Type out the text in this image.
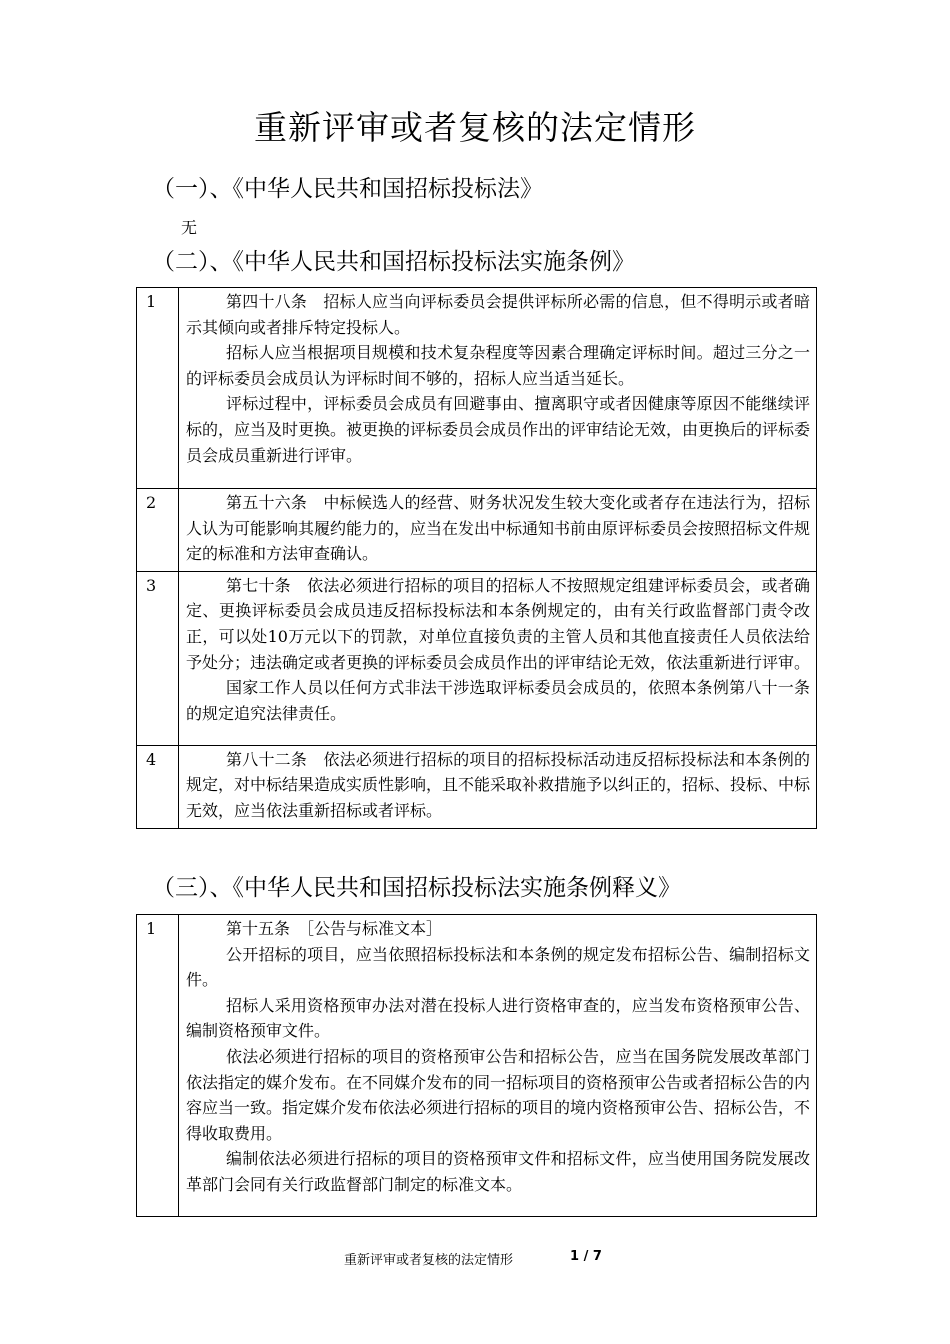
重新评审或者复核的法定情形
（一）、《中华人民共和国招标投标法》
无
（二）、《中华人民共和国招标投标法实施条例》
1	第四十八条　招标人应当向评标委员会提供评标所必需的信息，但不得明示或者暗示其倾向或者排斥特定投标人。

招标人应当根据项目规模和技术复杂程度等因素合理确定评标时间。超过三分之一的评标委员会成员认为评标时间不够的，招标人应当适当延长。

评标过程中，评标委员会成员有回避事由、擅离职守或者因健康等原因不能继续评标的，应当及时更换。被更换的评标委员会成员作出的评审结论无效，由更换后的评标委员会成员重新进行评审。

2	第五十六条　中标候选人的经营、财务状况发生较大变化或者存在违法行为，招标人认为可能影响其履约能力的，应当在发出中标通知书前由原评标委员会按照招标文件规定的标准和方法审查确认。

3	第七十条　依法必须进行招标的项目的招标人不按照规定组建评标委员会，或者确定、更换评标委员会成员违反招标投标法和本条例规定的，由有关行政监督部门责令改正，可以处10万元以下的罚款，对单位直接负责的主管人员和其他直接责任人员依法给予处分；违法确定或者更换的评标委员会成员作出的评审结论无效，依法重新进行评审。

国家工作人员以任何方式非法干涉选取评标委员会成员的，依照本条例第八十一条的规定追究法律责任。

4	第八十二条　依法必须进行招标的项目的招标投标活动违反招标投标法和本条例的规定，对中标结果造成实质性影响，且不能采取补救措施予以纠正的，招标、投标、中标无效，应当依法重新招标或者评标。

（三）、《中华人民共和国招标投标法实施条例释义》
1	第十五条　［公告与标准文本］

公开招标的项目，应当依照招标投标法和本条例的规定发布招标公告、编制招标文件。

招标人采用资格预审办法对潜在投标人进行资格审查的，应当发布资格预审公告、编制资格预审文件。

依法必须进行招标的项目的资格预审公告和招标公告，应当在国务院发展改革部门依法指定的媒介发布。在不同媒介发布的同一招标项目的资格预审公告或者招标公告的内容应当一致。指定媒介发布依法必须进行招标的项目的境内资格预审公告、招标公告，不得收取费用。

编制依法必须进行招标的项目的资格预审文件和招标文件，应当使用国务院发展改革部门会同有关行政监督部门制定的标准文本。

重新评审或者复核的法定情形	1 / 7
